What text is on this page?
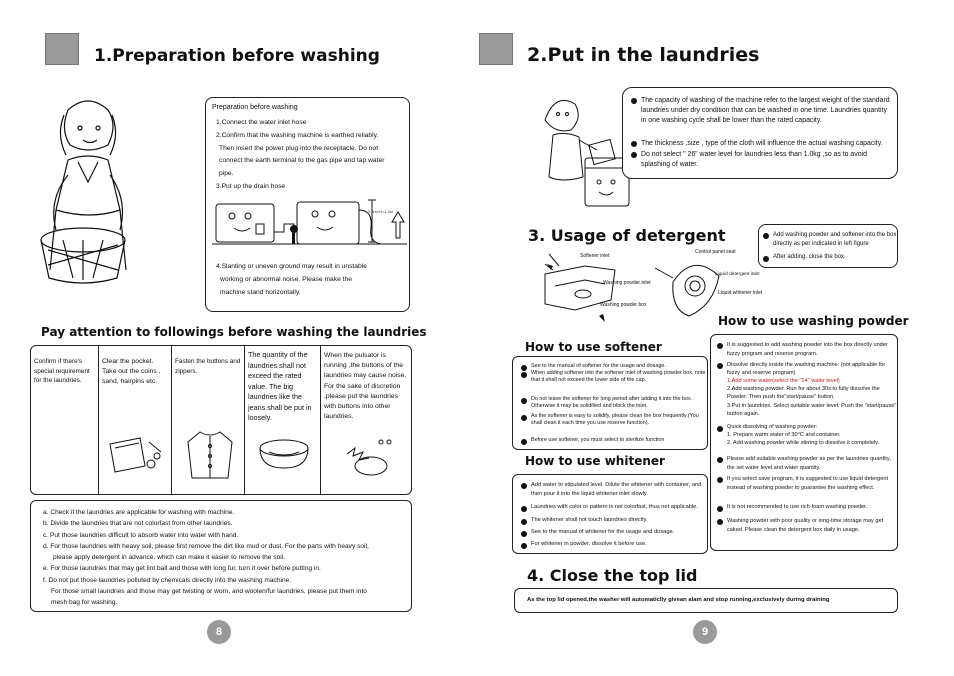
1.Preparation before washing
Preparation before washing
1.Connect the water inlet hose
2.Confirm that the washing machine is earthed reliably.
Then insert the power plug into the receptacle. Do not
connect the earth terminal to the gas pipe and tap water
pipe.
3.Put up the drain hose
0.8m<H<1.2m
4.Slanting or uneven ground may result in unstable
working or abnormal noise. Please make the
machine stand horizontally.
Pay attention to followings before washing the laundries
Confirm if there's special requirement for the laundries.
Clear the pocket. Take out the coins , sand, hairpins etc.
Fasten the buttons and zippers.
The quantity of the laundries shall not exceed the rated value. The big laundries like the jeans shall be put in loosely.
When the pulsator is running ,the buttons of the laundries may cause noise. For the sake of discretion ,please put the laundries with buttons into other laundries.
a. Check if the laundries are applicable for washing with machine.
b. Divide the laundries that are not colorfast from other laundries.
c. Put those laundries difficult to absorb water into water with hand.
d. For those laundries with heavy soil, please first remove the dirt like mud or dust. For the parts with heavy soil,
please apply detergent in advance, which can make it easier to remove the soil.
e. For those laundries that may get lint ball and those with long fur, turn it over before putting in.
f. Do not put those laundries polluted by chemicals directly into the washing machine.
For those small laundries and those may get twisting or worn, and woolen/fur laundries, please put them into
mesh bag for washing.
8
2.Put in the laundries
The capacity of washing of the machine refer to the largest weight of the standard laundries under dry condition that can be washed in one time. Laundries quantity in one washing cycle shall be lower than the rated capacity.
The thickness ,size , type of the cloth will influence the actual washing capacity.
Do not select " 26" water level for laundries less than 1.0kg ,so as to avoid splashing of water.
3. Usage of detergent
Softener inlet
Washing powder inlet
Washing powder box
Control panel seat
Liquid detergent inlet
Liquid whitener inlet
Add washing powder and softener into the box directly as per indicated in left figure
After adding, close the box.
How to use softener
See to the manual of softener for the usage and dosage.
When adding softener into the softener inlet of washing powder box, note that it shall not exceed the lower side of the cap.
Do not leave the softener for long period after adding it into the box. Otherwise it may be solidified and block the inlet.
As the softener is easy to solidify, please clean the box frequently.(You shall clean it each time you use reserve function).
Before use softener, you must select to sterilize function
How to use whitener
Add water to stipulated level. Dilute the whitener with container, and then pour it into the liquid whitener inlet slowly.
Laundries with color or pattern is not colorfast, thus not applicable.
The whitener shall not touch laundries directly.
See to the manual of whitener for the usage and dosage.
For whitener in powder, dissolve it before use.
How to use washing powder
It is suggested to add washing powder into the box directly under fuzzy program and reserve program.
Dissolve directly inside the washing machine: (not applicable for fuzzy and reserve program)
1.Add some water(select the "14" water level)
2.Add washing powder. Run for about 30s to fully dissolve the Powder. Then push the"start/pause" button.
3.Put in laundries. Select suitable water level. Push the "start/pause" button again.
Quick dissolving of washing powder:
1. Prepare warm water of 30°C and container.
2. Add washing powder while stirring to dissolve it completely.
Please add suitable washing powder as per the laundries quantity, the set water level and water quantity.
If you select save program, it is suggested to use liquid detergent instead of washing powder to guarantee the washing effect.
It is not recommended to use rich-foam washing powder.
Washing powder with poor quality or long-time storage may get caked. Please clean the detergent box daily in usage.
4. Close the top lid
As the top lid opened,the washer will automaticlly givean alam and stop running,exclusively during draining
9
